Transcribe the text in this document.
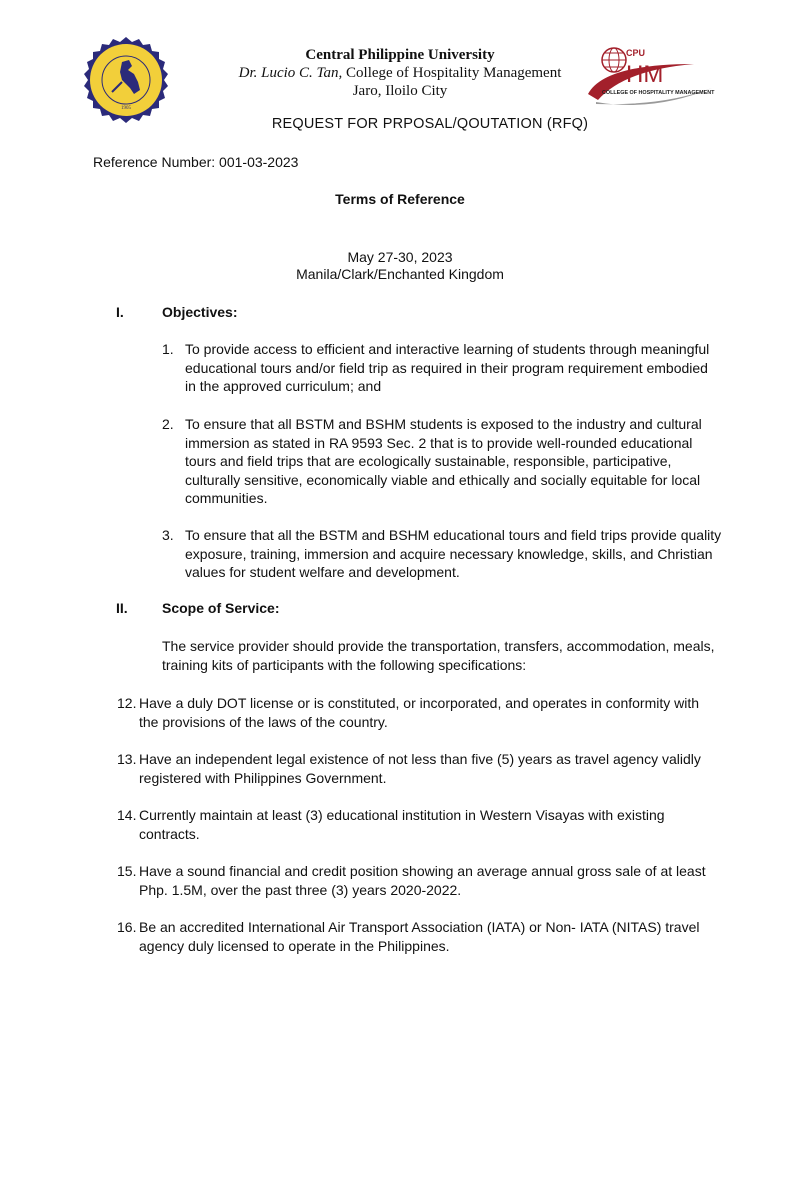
1905
Central Philippine University
Dr. Lucio C. Tan, College of Hospitality Management
Jaro, Iloilo City
CPU
HM
COLLEGE OF HOSPITALITY MANAGEMENT
REQUEST FOR PRPOSAL/QOUTATION (RFQ)
Reference Number: 001-03-2023
Terms of Reference
May 27-30, 2023
Manila/Clark/Enchanted Kingdom
I.	Objectives:
1. To provide access to efficient and interactive learning of students through meaningful educational tours and/or field trip as required in their program requirement embodied in the approved curriculum; and
2. To ensure that all BSTM and BSHM students is exposed to the industry and cultural immersion as stated in RA 9593 Sec. 2 that is to provide well-rounded educational tours and field trips that are ecologically sustainable, responsible, participative, culturally sensitive, economically viable and ethically and socially equitable for local communities.
3. To ensure that all the BSTM and BSHM educational tours and field trips provide quality exposure, training, immersion and acquire necessary knowledge, skills, and Christian values for student welfare and development.
II. Scope of Service:
The service provider should provide the transportation, transfers, accommodation, meals, training kits of participants with the following specifications:
12. Have a duly DOT license or is constituted, or incorporated, and operates in conformity with the provisions of the laws of the country.
13. Have an independent legal existence of not less than five (5) years as travel agency validly registered with Philippines Government.
14. Currently maintain at least (3) educational institution in Western Visayas with existing contracts.
15. Have a sound financial and credit position showing an average annual gross sale of at least Php. 1.5M, over the past three (3) years 2020-2022.
16. Be an accredited International Air Transport Association (IATA) or Non- IATA (NITAS) travel agency duly licensed to operate in the Philippines.
